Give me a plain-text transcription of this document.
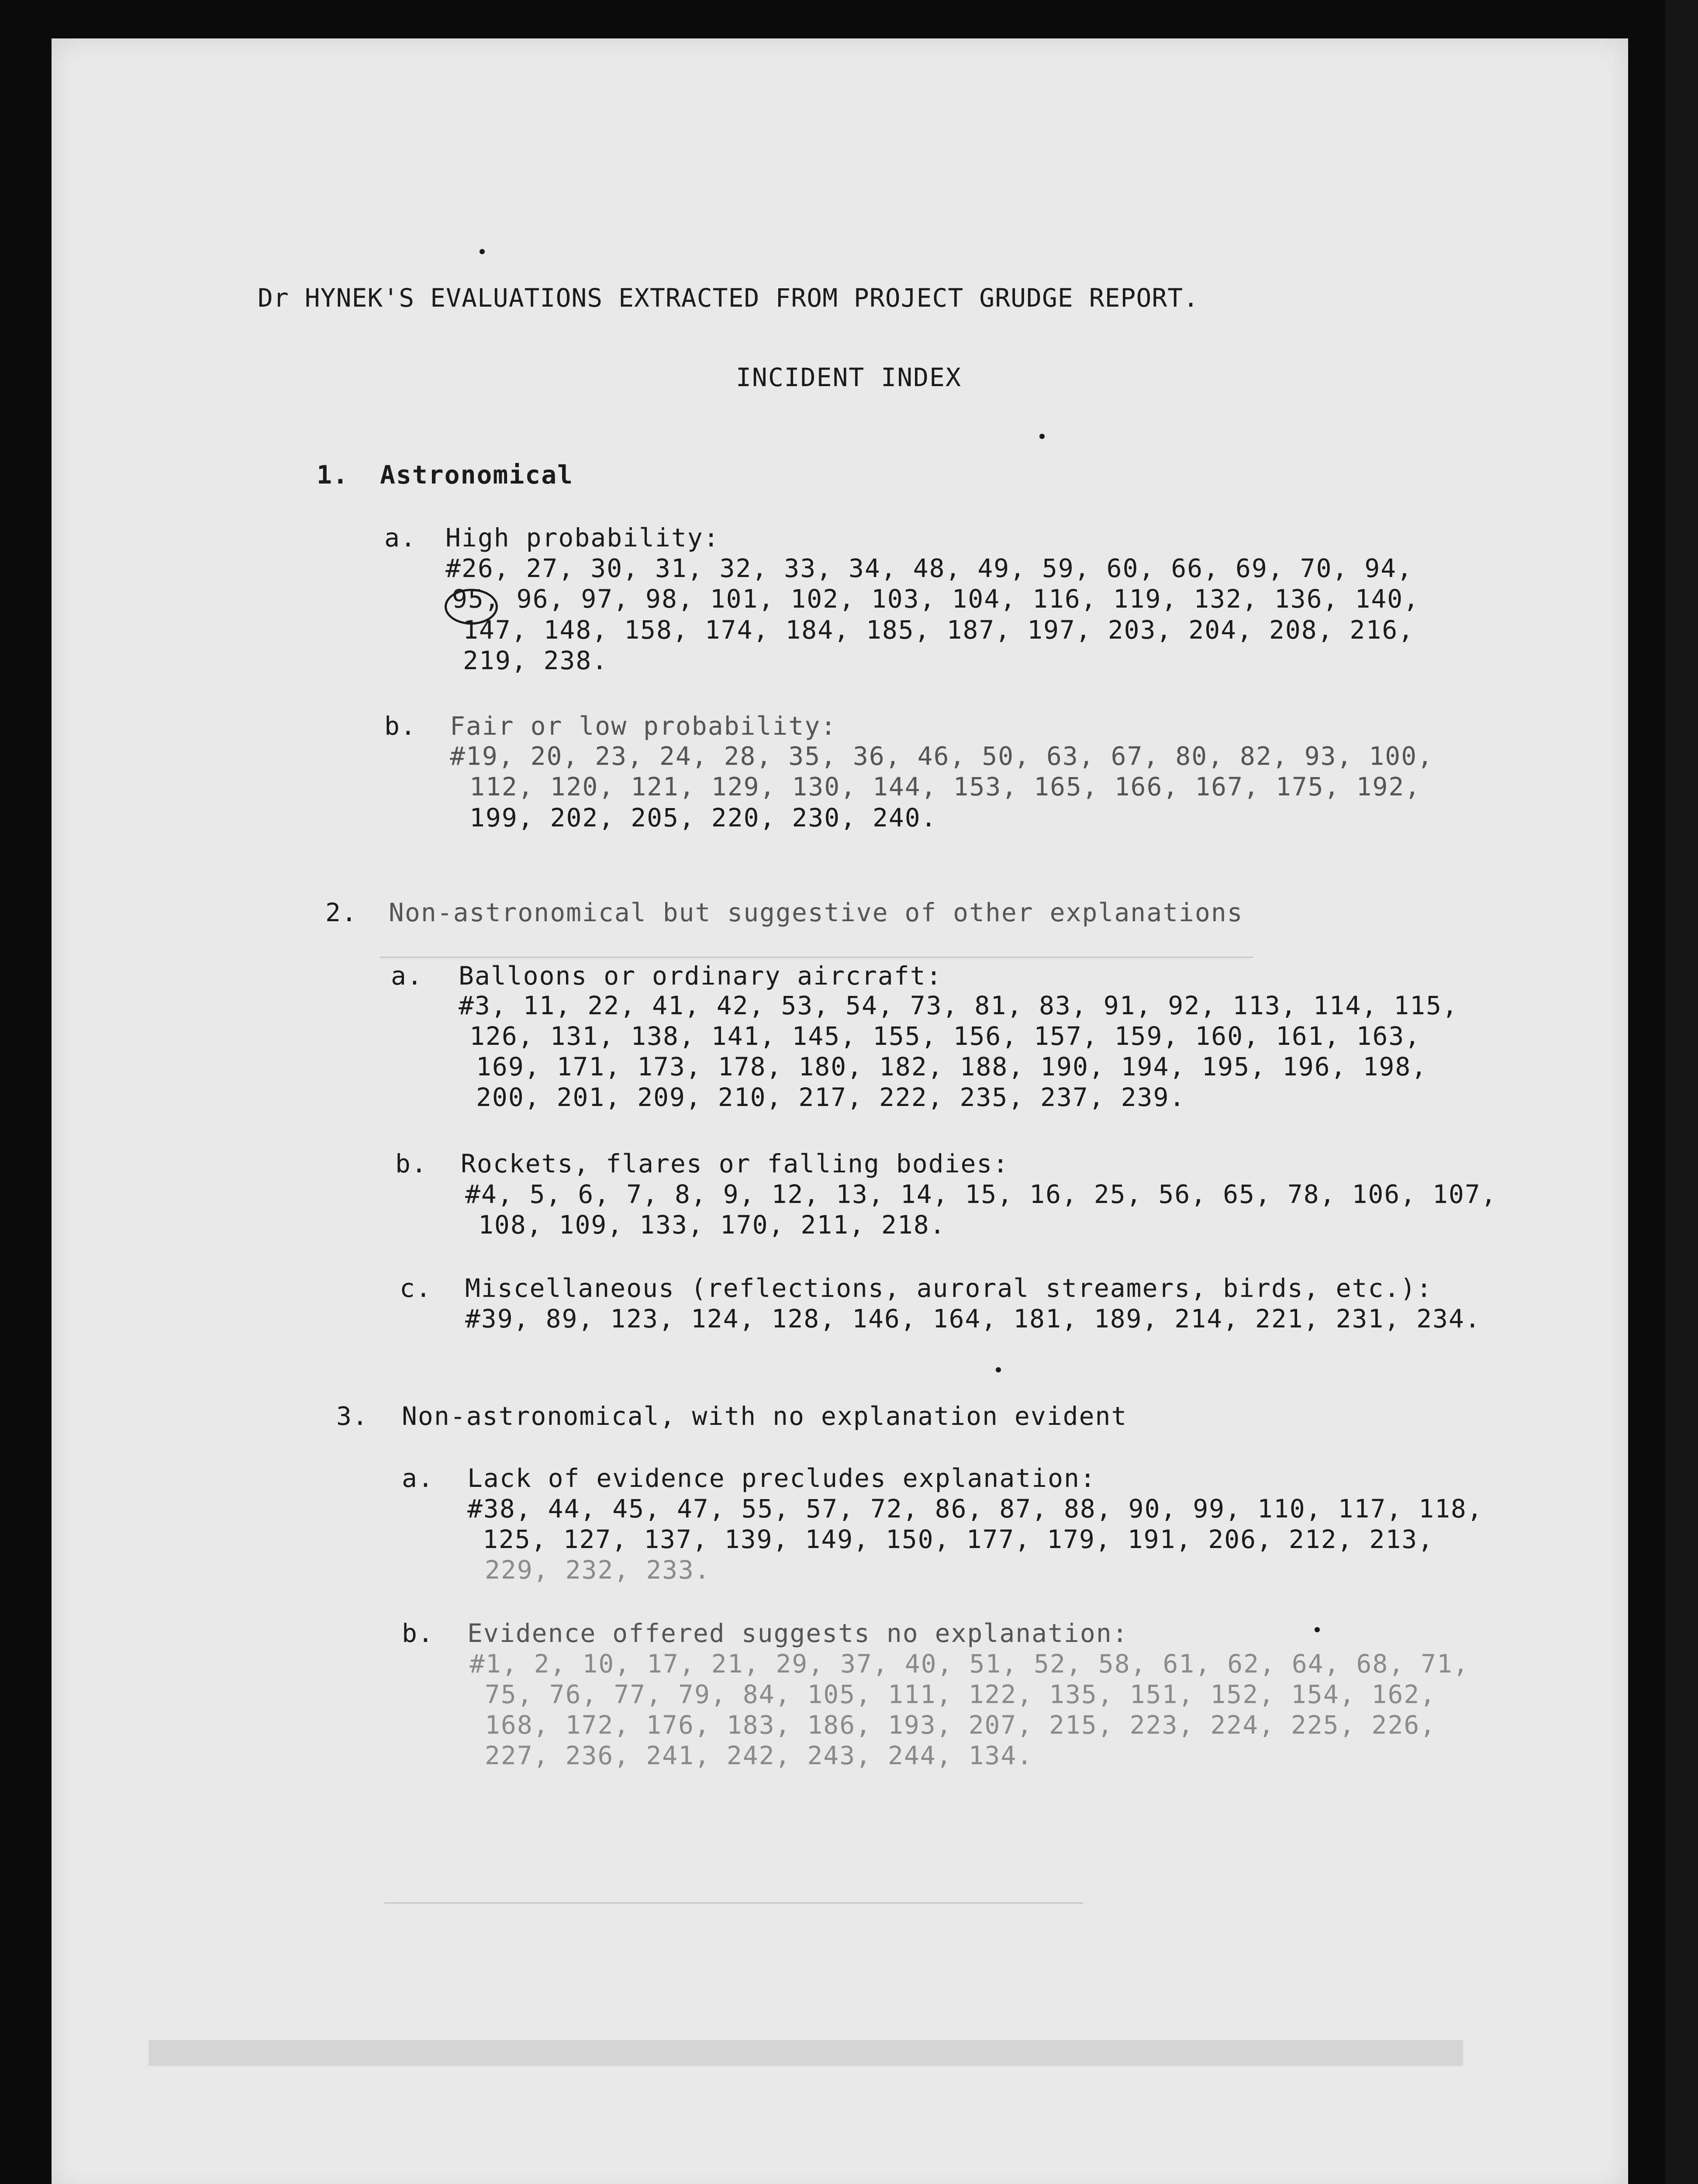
Dr HYNEK'S EVALUATIONS EXTRACTED FROM PROJECT GRUDGE REPORT.
INCIDENT INDEX
1. Astronomical
a. High probability:
#26, 27, 30, 31, 32, 33, 34, 48, 49, 59, 60, 66, 69, 70, 94,
95, 96, 97, 98, 101, 102, 103, 104, 116, 119, 132, 136, 140,
147, 148, 158, 174, 184, 185, 187, 197, 203, 204, 208, 216,
219, 238.
b. Fair or low probability:
#19, 20, 23, 24, 28, 35, 36, 46, 50, 63, 67, 80, 82, 93, 100,
112, 120, 121, 129, 130, 144, 153, 165, 166, 167, 175, 192,
199, 202, 205, 220, 230, 240.
2. Non-astronomical but suggestive of other explanations
a. Balloons or ordinary aircraft:
#3, 11, 22, 41, 42, 53, 54, 73, 81, 83, 91, 92, 113, 114, 115,
126, 131, 138, 141, 145, 155, 156, 157, 159, 160, 161, 163,
169, 171, 173, 178, 180, 182, 188, 190, 194, 195, 196, 198,
200, 201, 209, 210, 217, 222, 235, 237, 239.
b. Rockets, flares or falling bodies:
#4, 5, 6, 7, 8, 9, 12, 13, 14, 15, 16, 25, 56, 65, 78, 106, 107,
108, 109, 133, 170, 211, 218.
c. Miscellaneous (reflections, auroral streamers, birds, etc.):
#39, 89, 123, 124, 128, 146, 164, 181, 189, 214, 221, 231, 234.
3. Non-astronomical, with no explanation evident
a. Lack of evidence precludes explanation:
#38, 44, 45, 47, 55, 57, 72, 86, 87, 88, 90, 99, 110, 117, 118,
125, 127, 137, 139, 149, 150, 177, 179, 191, 206, 212, 213,
229, 232, 233.
b. Evidence offered suggests no explanation:
#1, 2, 10, 17, 21, 29, 37, 40, 51, 52, 58, 61, 62, 64, 68, 71,
75, 76, 77, 79, 84, 105, 111, 122, 135, 151, 152, 154, 162,
168, 172, 176, 183, 186, 193, 207, 215, 223, 224, 225, 226,
227, 236, 241, 242, 243, 244, 134.
